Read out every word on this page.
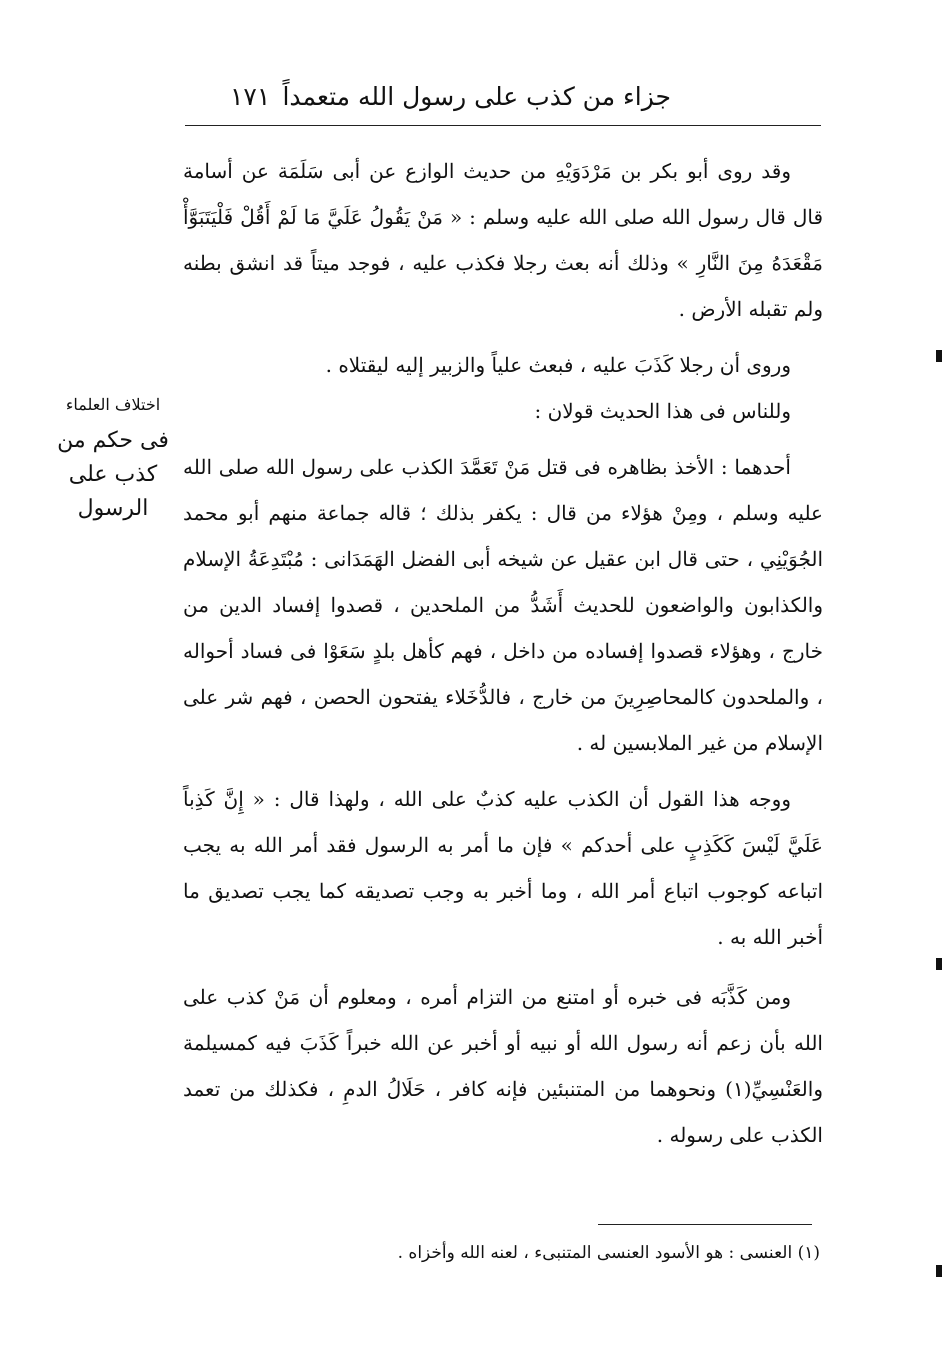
جزاء من كذب على رسول الله متعمداً
١٧١
اختلاف العلماء
فى حكم من
كذب على
الرسول

وقد روى أبو بكر بن مَرْدَوَيْهِ من حديث الوازع عن أبى سَلَمَة عن أسامة قال قال رسول الله صلى الله عليه وسلم : « مَنْ يَقُولُ عَلَيَّ مَا لَمْ أَقُلْ فَلْيَتَبَوَّأْ مَقْعَدَهُ مِنَ النَّارِ » وذلك أنه بعث رجلا فكذب عليه ، فوجد ميتاً قد انشق بطنه ولم تقبله الأرض .

وروى أن رجلا كَذَبَ عليه ، فبعث علياً والزبير إليه ليقتلاه .

وللناس فى هذا الحديث قولان :

أحدهما : الأخذ بظاهره فى قتل مَنْ تَعَمَّدَ الكذب على رسول الله صلى الله عليه وسلم ، ومِنْ هؤلاء من قال : يكفر بذلك ؛ قاله جماعة منهم أبو محمد الجُوَيْنِي ، حتى قال ابن عقيل عن شيخه أبى الفضل الهَمَدَانى : مُبْتَدِعَةُ الإسلام والكذابون والواضعون للحديث أَشَدُّ من الملحدين ، قصدوا إفساد الدين من خارج ، وهؤلاء قصدوا إفساده من داخل ، فهم كأهل بلدٍ سَعَوْا فى فساد أحواله ، والملحدون كالمحاصِرِينَ من خارج ، فالدُّخَلاء يفتحون الحصن ، فهم شر على الإسلام من غير الملابسين له .

ووجه هذا القول أن الكذب عليه كذبٌ على الله ، ولهذا قال : « إِنَّ كَذِباً عَلَيَّ لَيْسَ كَكَذِبٍ على أحدكم » فإن ما أمر به الرسول فقد أمر الله به يجب اتباعه كوجوب اتباع أمر الله ، وما أخبر به وجب تصديقه كما يجب تصديق ما أخبر الله به .

ومن كَذَّبَه فى خبره أو امتنع من التزام أمره ، ومعلوم أن مَنْ كذب على الله بأن زعم أنه رسول الله أو نبيه أو أخبر عن الله خبراً كَذَبَ فيه كمسيلمة والعَنْسِيِّ(١) ونحوهما من المتنبئين فإنه كافر ، حَلَالُ الدمِ ، فكذلك من تعمد الكذب على رسوله .

(١) العنسى : هو الأسود العنسى المتنبىء ، لعنه الله وأخزاه .
